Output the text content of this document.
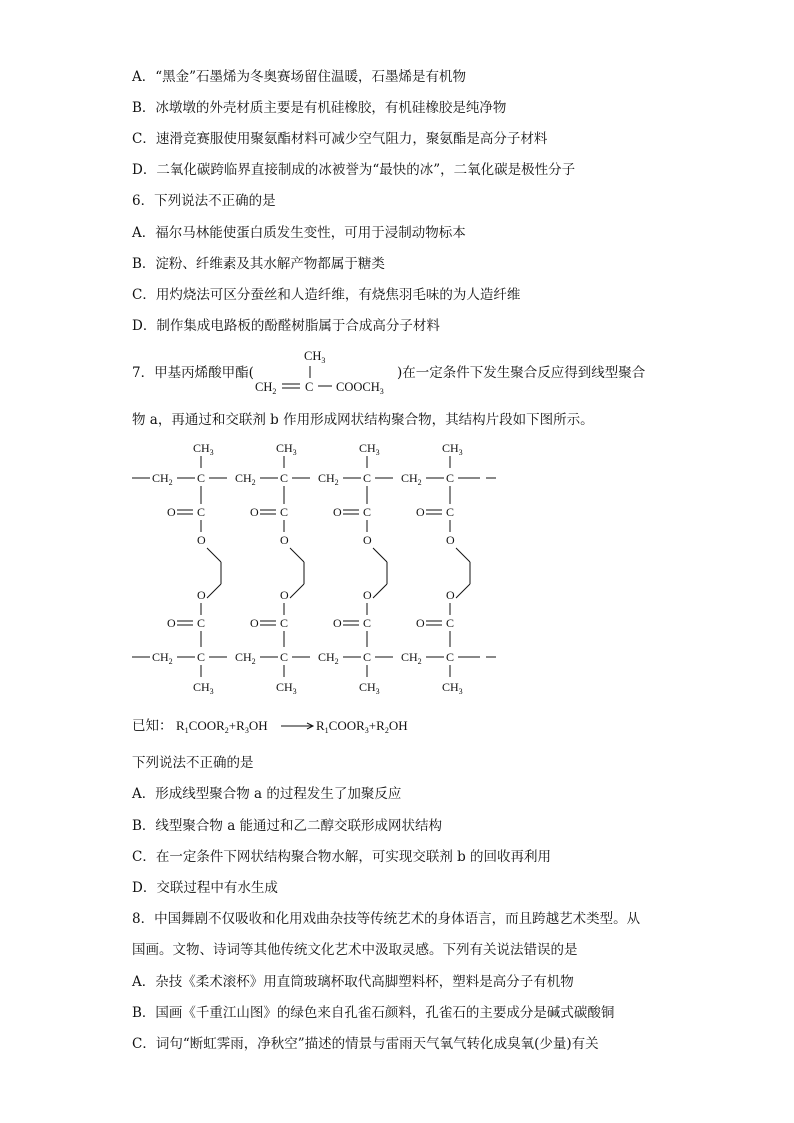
A．“黑金”石墨烯为冬奥赛场留住温暖，石墨烯是有机物
B．冰墩墩的外壳材质主要是有机硅橡胶，有机硅橡胶是纯净物
C．速滑竞赛服使用聚氨酯材料可减少空气阻力，聚氨酯是高分子材料
D．二氧化碳跨临界直接制成的冰被誉为“最快的冰”，二氧化碳是极性分子
6．下列说法不正确的是
A．福尔马林能使蛋白质发生变性，可用于浸制动物标本
B．淀粉、纤维素及其水解产物都属于糖类
C．用灼烧法可区分蚕丝和人造纤维，有烧焦羽毛味的为人造纤维
D．制作集成电路板的酚醛树脂属于合成高分子材料
7．甲基丙烯酸甲酯(
$CH_3$
$CH_2$ C $COOCH_3$
)在一定条件下发生聚合反应得到线型聚合
物 a，再通过和交联剂 b 作用形成网状结构聚合物，其结构片段如下图所示。
$CH_2$
$CH_2$
C
C
$CH_3$
$CH_3$
C
O
O
O
C
O
$CH_2$
$CH_2$
C
C
$CH_3$
$CH_3$
C
O
O
O
C
O
$CH_2$
$CH_2$
C
C
$CH_3$
$CH_3$
C
O
O
O
C
O
$CH_2$
$CH_2$
C
C
$CH_3$
$CH_3$
C
O
O
O
C
O
已知： $R_1COOR_2+R_3OH$	$R_1COOR_3+R_2OH$
下列说法不正确的是
A．形成线型聚合物 a 的过程发生了加聚反应
B．线型聚合物 a 能通过和乙二醇交联形成网状结构
C．在一定条件下网状结构聚合物水解，可实现交联剂 b 的回收再利用
D．交联过程中有水生成
8．中国舞剧不仅吸收和化用戏曲杂技等传统艺术的身体语言，而且跨越艺术类型。从
国画。文物、诗词等其他传统文化艺术中汲取灵感。下列有关说法错误的是
A．杂技《柔术滚杯》用直筒玻璃杯取代高脚塑料杯，塑料是高分子有机物
B．国画《千重江山图》的绿色来自孔雀石颜料，孔雀石的主要成分是碱式碳酸铜
C．词句“断虹霁雨，净秋空”描述的情景与雷雨天气氧气转化成臭氧(少量)有关
